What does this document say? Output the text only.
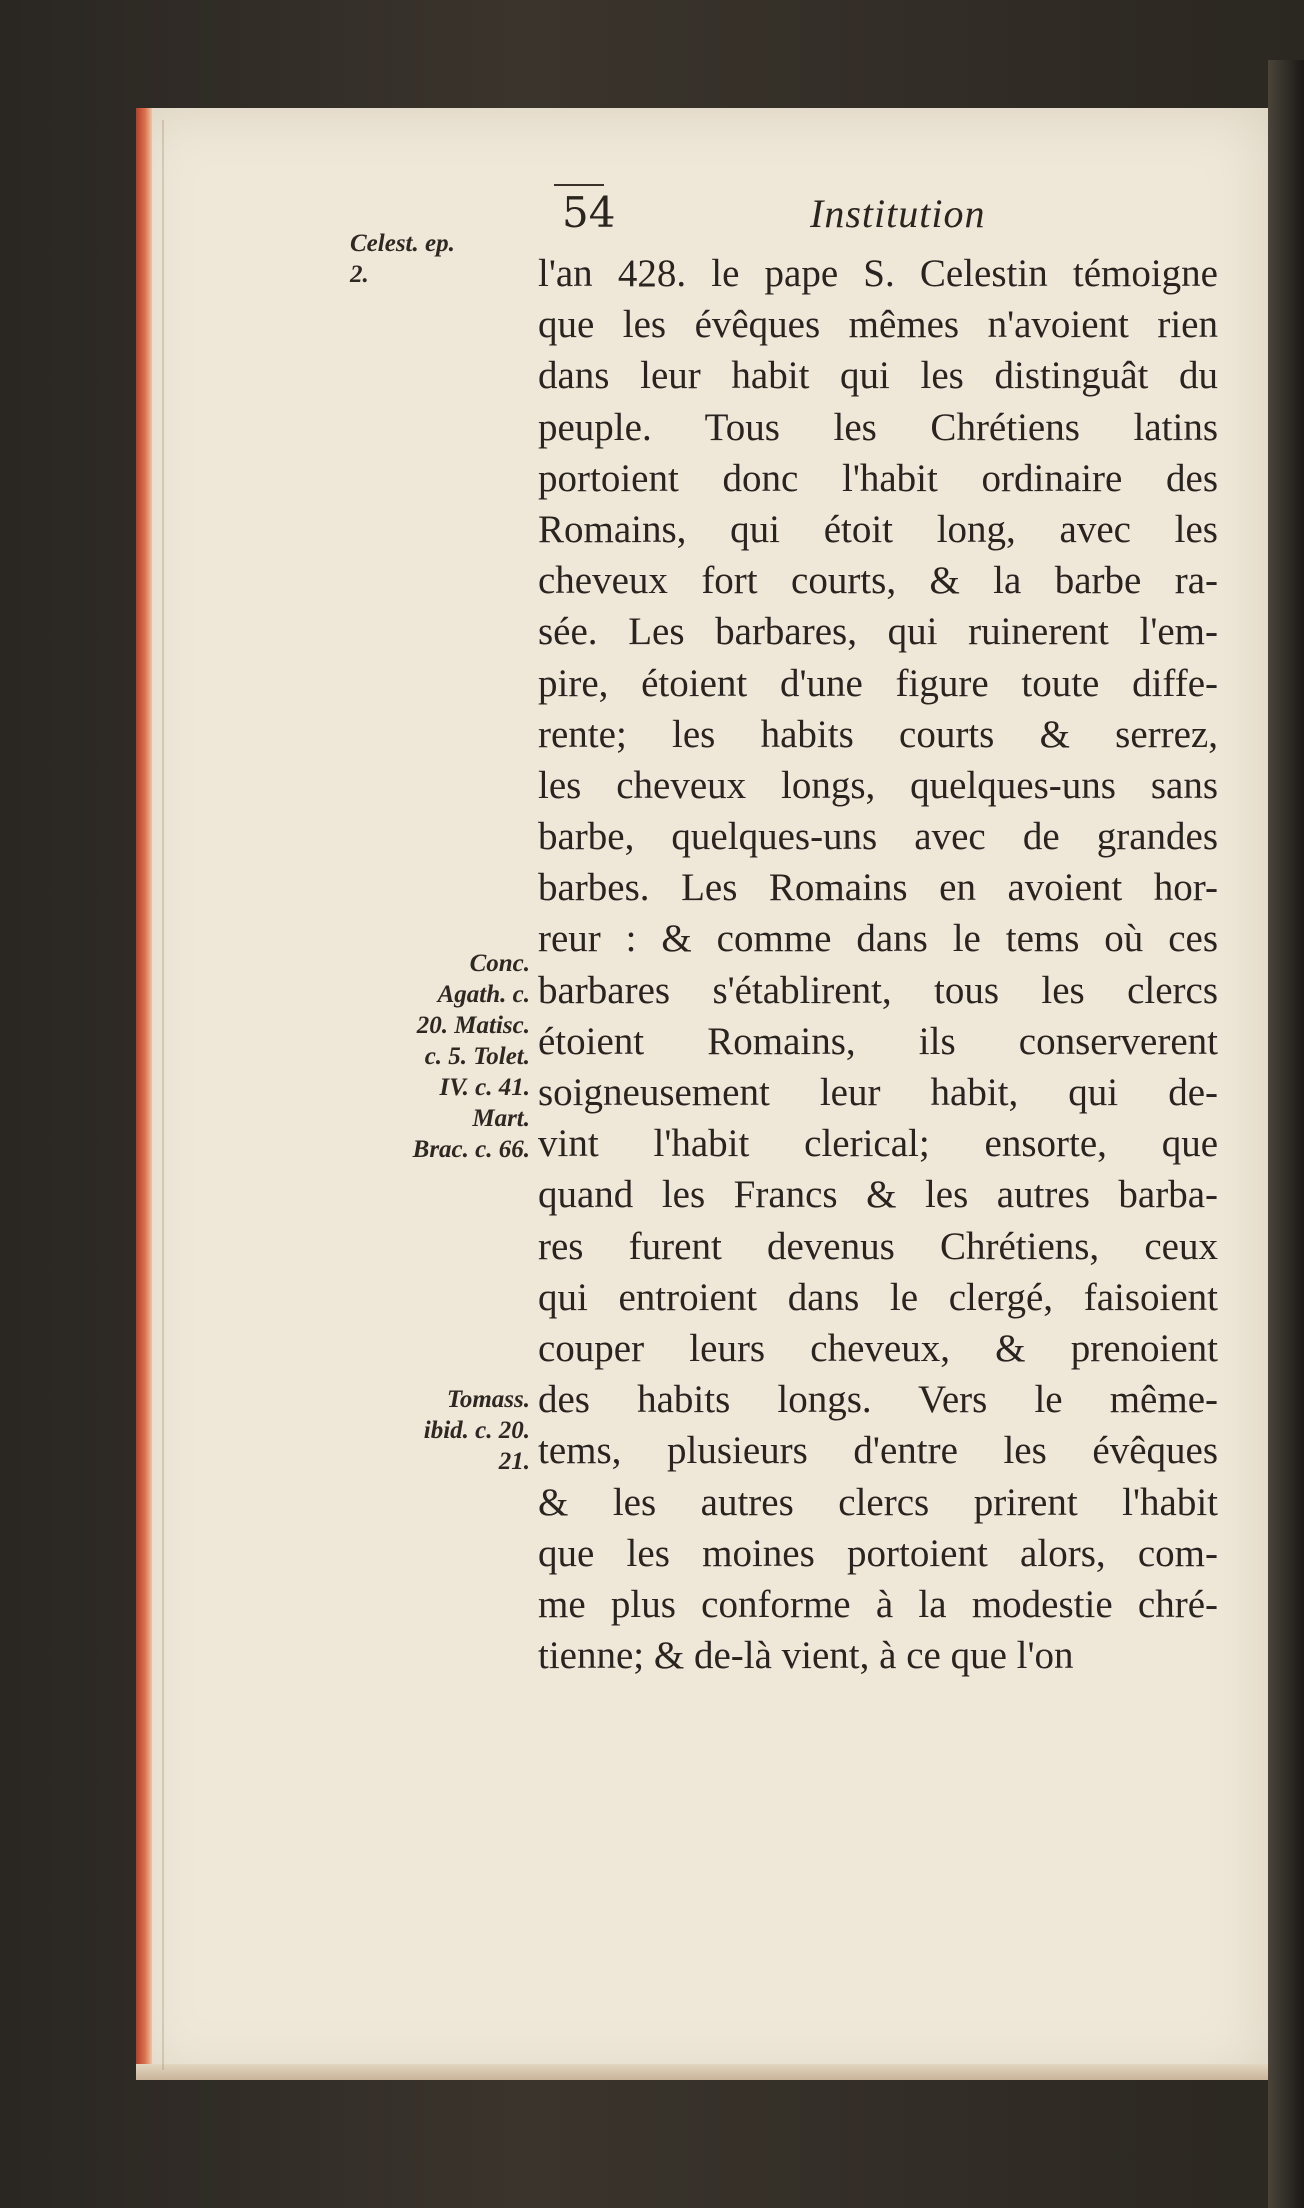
54	Institution
Celest. ep.
2.
Conc.
Agath. c.
20. Matisc.
c. 5. Tolet.
IV. c. 41.
Mart.
Brac. c. 66.
Tomass.
ibid. c. 20.
21.
l'an 428. le pape S. Celestin témoigne
que les évêques mêmes n'avoient rien
dans leur habit qui les distinguât du
peuple. Tous les Chrétiens latins
portoient donc l'habit ordinaire des
Romains, qui étoit long, avec les
cheveux fort courts, & la barbe ra-
sée. Les barbares, qui ruinerent l'em-
pire, étoient d'une figure toute diffe-
rente; les habits courts & serrez,
les cheveux longs, quelques-uns sans
barbe, quelques-uns avec de grandes
barbes. Les Romains en avoient hor-
reur : & comme dans le tems où ces
barbares s'établirent, tous les clercs
étoient Romains, ils conserverent
soigneusement leur habit, qui de-
vint l'habit clerical; ensorte, que
quand les Francs & les autres barba-
res furent devenus Chrétiens, ceux
qui entroient dans le clergé, faisoient
couper leurs cheveux, & prenoient
des habits longs. Vers le même-
tems, plusieurs d'entre les évêques
& les autres clercs prirent l'habit
que les moines portoient alors, com-
me plus conforme à la modestie chré-
tienne; & de-là vient, à ce que l'on
